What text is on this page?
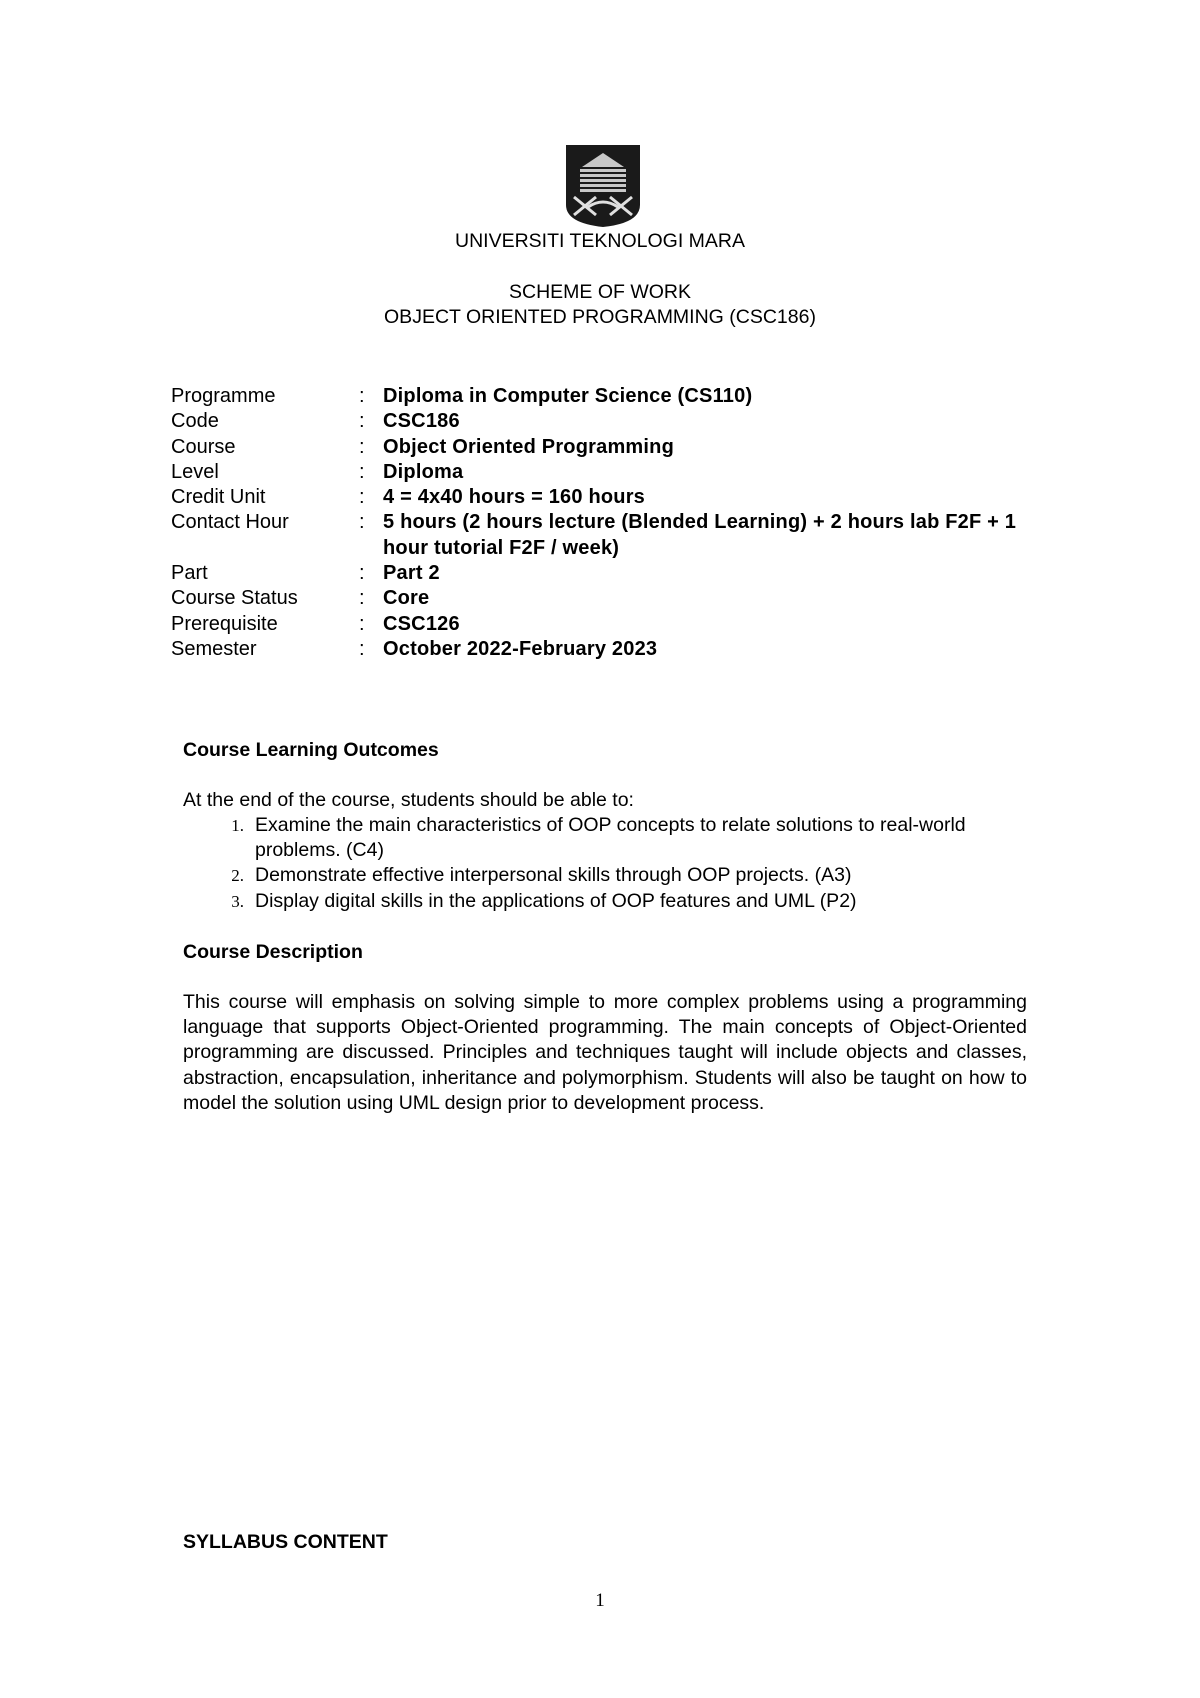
UNIVERSITI TEKNOLOGI MARA
SCHEME OF WORK
OBJECT ORIENTED PROGRAMMING (CSC186)
Programme	: Diploma in Computer Science (CS110)
Code	: CSC186
Course	: Object Oriented Programming
Level	: Diploma
Credit Unit	: 4 = 4x40 hours = 160 hours
Contact Hour	: 5 hours (2 hours lecture (Blended Learning) + 2 hours lab F2F + 1 hour tutorial F2F / week)
Part	: Part 2
Course Status	: Core
Prerequisite	: CSC126
Semester	: October 2022-February 2023
Course Learning Outcomes
At the end of the course, students should be able to:
1. Examine the main characteristics of OOP concepts to relate solutions to real-world problems. (C4)
2. Demonstrate effective interpersonal skills through OOP projects. (A3)
3. Display digital skills in the applications of OOP features and UML (P2)
Course Description

This course will emphasis on solving simple to more complex problems using a programming language that supports Object-Oriented programming. The main concepts of Object-Oriented programming are discussed. Principles and techniques taught will include objects and classes, abstraction, encapsulation, inheritance and polymorphism. Students will also be taught on how to model the solution using UML design prior to development process.

SYLLABUS CONTENT
1
